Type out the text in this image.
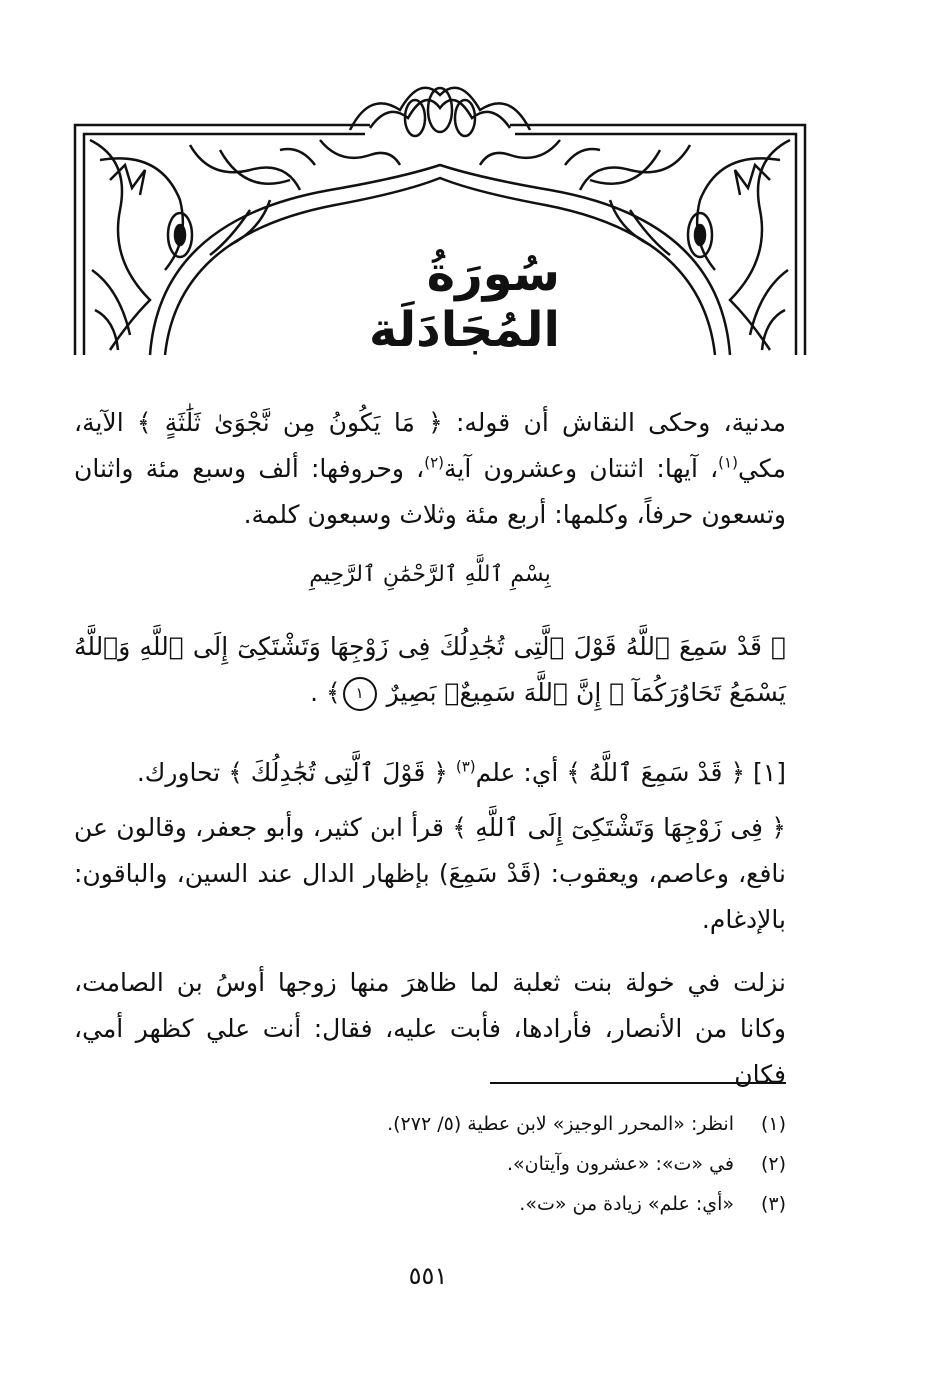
سُورَةُ المُجَادَلَة

مدنية، وحكى النقاش أن قوله: ﴿ مَا يَكُونُ مِن نَّجْوَىٰ ثَلَٰثَةٍ ﴾ الآية، مكي$^{(١)}$، آيها: اثنتان وعشرون آية$^{(٢)}$، وحروفها: ألف وسبع مئة واثنان وتسعون حرفاً، وكلمها: أربع مئة وثلاث وسبعون كلمة.

بِسْمِ ٱللَّهِ ٱلرَّحْمَٰنِ ٱلرَّحِيمِ

﴿ قَدْ سَمِعَ ٱللَّهُ قَوْلَ ٱلَّتِى تُجَٰدِلُكَ فِى زَوْجِهَا وَتَشْتَكِىٓ إِلَى ٱللَّهِ وَٱللَّهُ يَسْمَعُ تَحَاوُرَكُمَآ ۚ إِنَّ ٱللَّهَ سَمِيعٌۢ بَصِيرٌ ١﴾ .

[١] ﴿ قَدْ سَمِعَ ٱللَّهُ ﴾ أي: علم$^{(٣)}$ ﴿ قَوْلَ ٱلَّتِى تُجَٰدِلُكَ ﴾ تحاورك.

﴿ فِى زَوْجِهَا وَتَشْتَكِىٓ إِلَى ٱللَّهِ ﴾ قرأ ابن كثير، وأبو جعفر، وقالون عن نافع، وعاصم، ويعقوب: (قَدْ سَمِعَ) بإظهار الدال عند السين، والباقون: بالإدغام.

نزلت في خولة بنت ثعلبة لما ظاهرَ منها زوجها أوسُ بن الصامت، وكانا من الأنصار، فأرادها، فأبت عليه، فقال: أنت علي كظهر أمي، فكان

(١)
انظر: «المحرر الوجيز» لابن عطية (٥/ ٢٧٢).
(٢)
في «ت»: «عشرون وآيتان».
(٣)
«أي: علم» زيادة من «ت».
٥٥١
